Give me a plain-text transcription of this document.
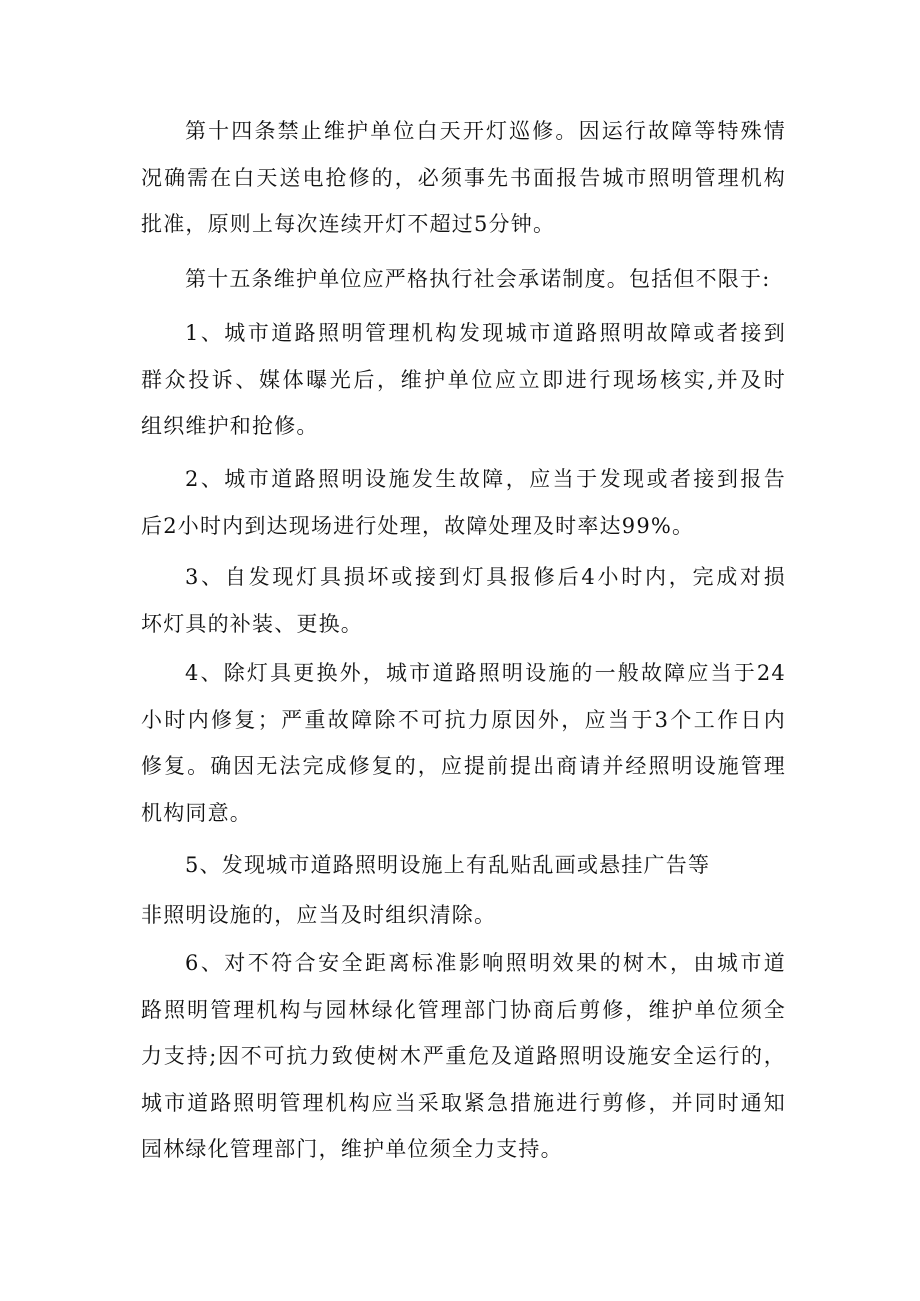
第十四条禁止维护单位白天开灯巡修。因运行故障等特殊情
况确需在白天送电抢修的，必须事先书面报告城市照明管理机构
批准，原则上每次连续开灯不超过5分钟。
第十五条维护单位应严格执行社会承诺制度。包括但不限于:
1、城市道路照明管理机构发现城市道路照明故障或者接到
群众投诉、媒体曝光后，维护单位应立即进行现场核实,并及时
组织维护和抢修。
2、城市道路照明设施发生故障，应当于发现或者接到报告
后2小时内到达现场进行处理，故障处理及时率达99%。
3、自发现灯具损坏或接到灯具报修后4小时内，完成对损
坏灯具的补装、更换。
4、除灯具更换外，城市道路照明设施的一般故障应当于24
小时内修复；严重故障除不可抗力原因外，应当于3个工作日内
修复。确因无法完成修复的，应提前提出商请并经照明设施管理
机构同意。
5、发现城市道路照明设施上有乱贴乱画或悬挂广告等
非照明设施的，应当及时组织清除。
6、对不符合安全距离标准影响照明效果的树木，由城市道
路照明管理机构与园林绿化管理部门协商后剪修，维护单位须全
力支持;因不可抗力致使树木严重危及道路照明设施安全运行的，
城市道路照明管理机构应当采取紧急措施进行剪修，并同时通知
园林绿化管理部门，维护单位须全力支持。
